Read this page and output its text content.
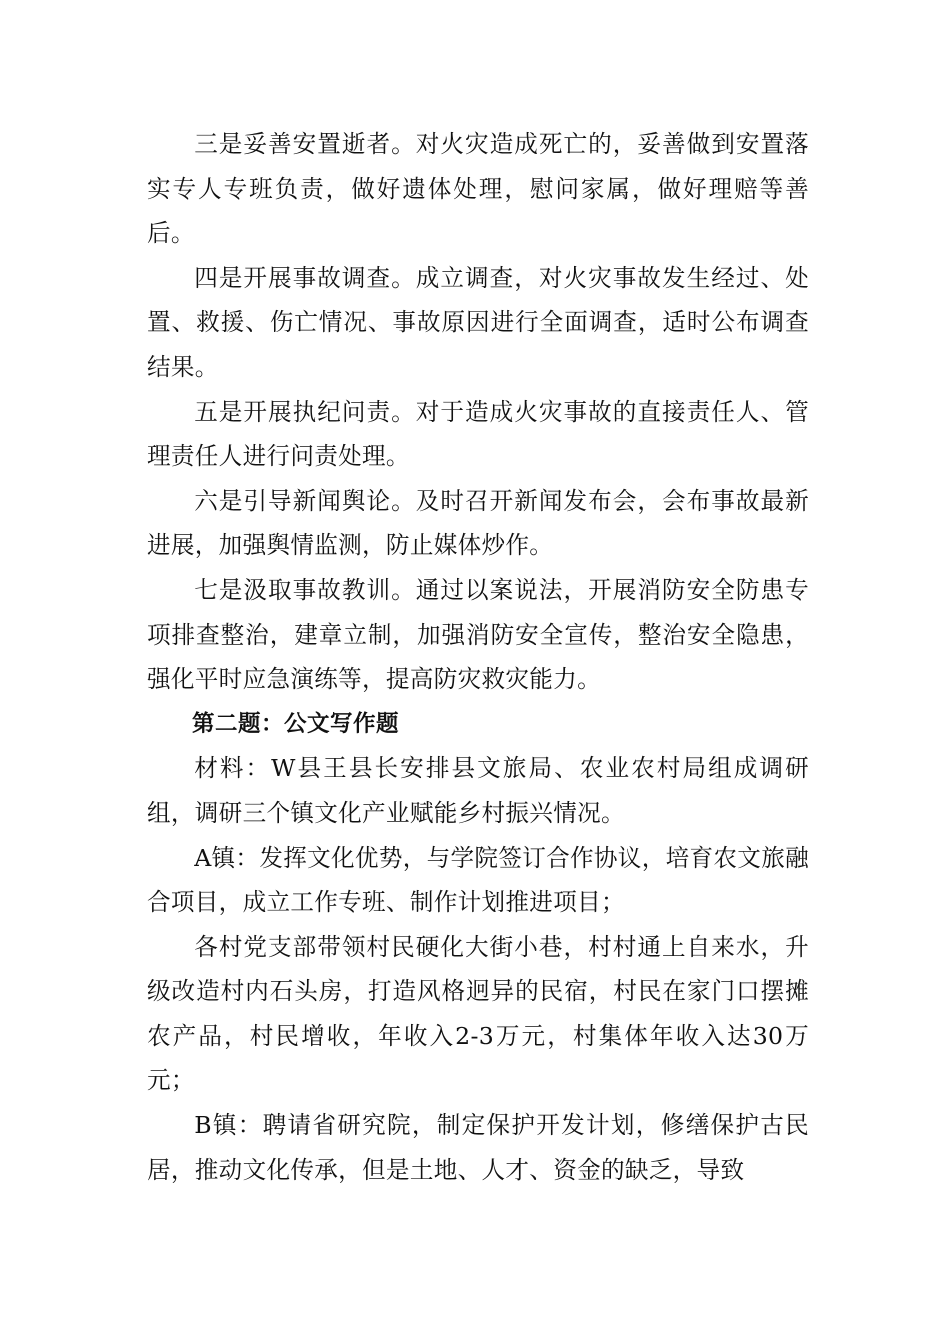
三是妥善安置逝者。对火灾造成死亡的，妥善做到安置落实专人专班负责，做好遗体处理，慰问家属，做好理赔等善后。

四是开展事故调查。成立调查，对火灾事故发生经过、处置、救援、伤亡情况、事故原因进行全面调查，适时公布调查结果。

五是开展执纪问责。对于造成火灾事故的直接责任人、管理责任人进行问责处理。

六是引导新闻舆论。及时召开新闻发布会，会布事故最新进展，加强舆情监测，防止媒体炒作。

七是汲取事故教训。通过以案说法，开展消防安全防患专项排查整治，建章立制，加强消防安全宣传，整治安全隐患，强化平时应急演练等，提高防灾救灾能力。

第二题：公文写作题

材料：W县王县长安排县文旅局、农业农村局组成调研组，调研三个镇文化产业赋能乡村振兴情况。

A镇：发挥文化优势，与学院签订合作协议，培育农文旅融合项目，成立工作专班、制作计划推进项目；

各村党支部带领村民硬化大街小巷，村村通上自来水，升级改造村内石头房，打造风格迥异的民宿，村民在家门口摆摊农产品，村民增收，年收入2-3万元，村集体年收入达30万元；

B镇：聘请省研究院，制定保护开发计划，修缮保护古民居，推动文化传承，但是土地、人才、资金的缺乏，导致
